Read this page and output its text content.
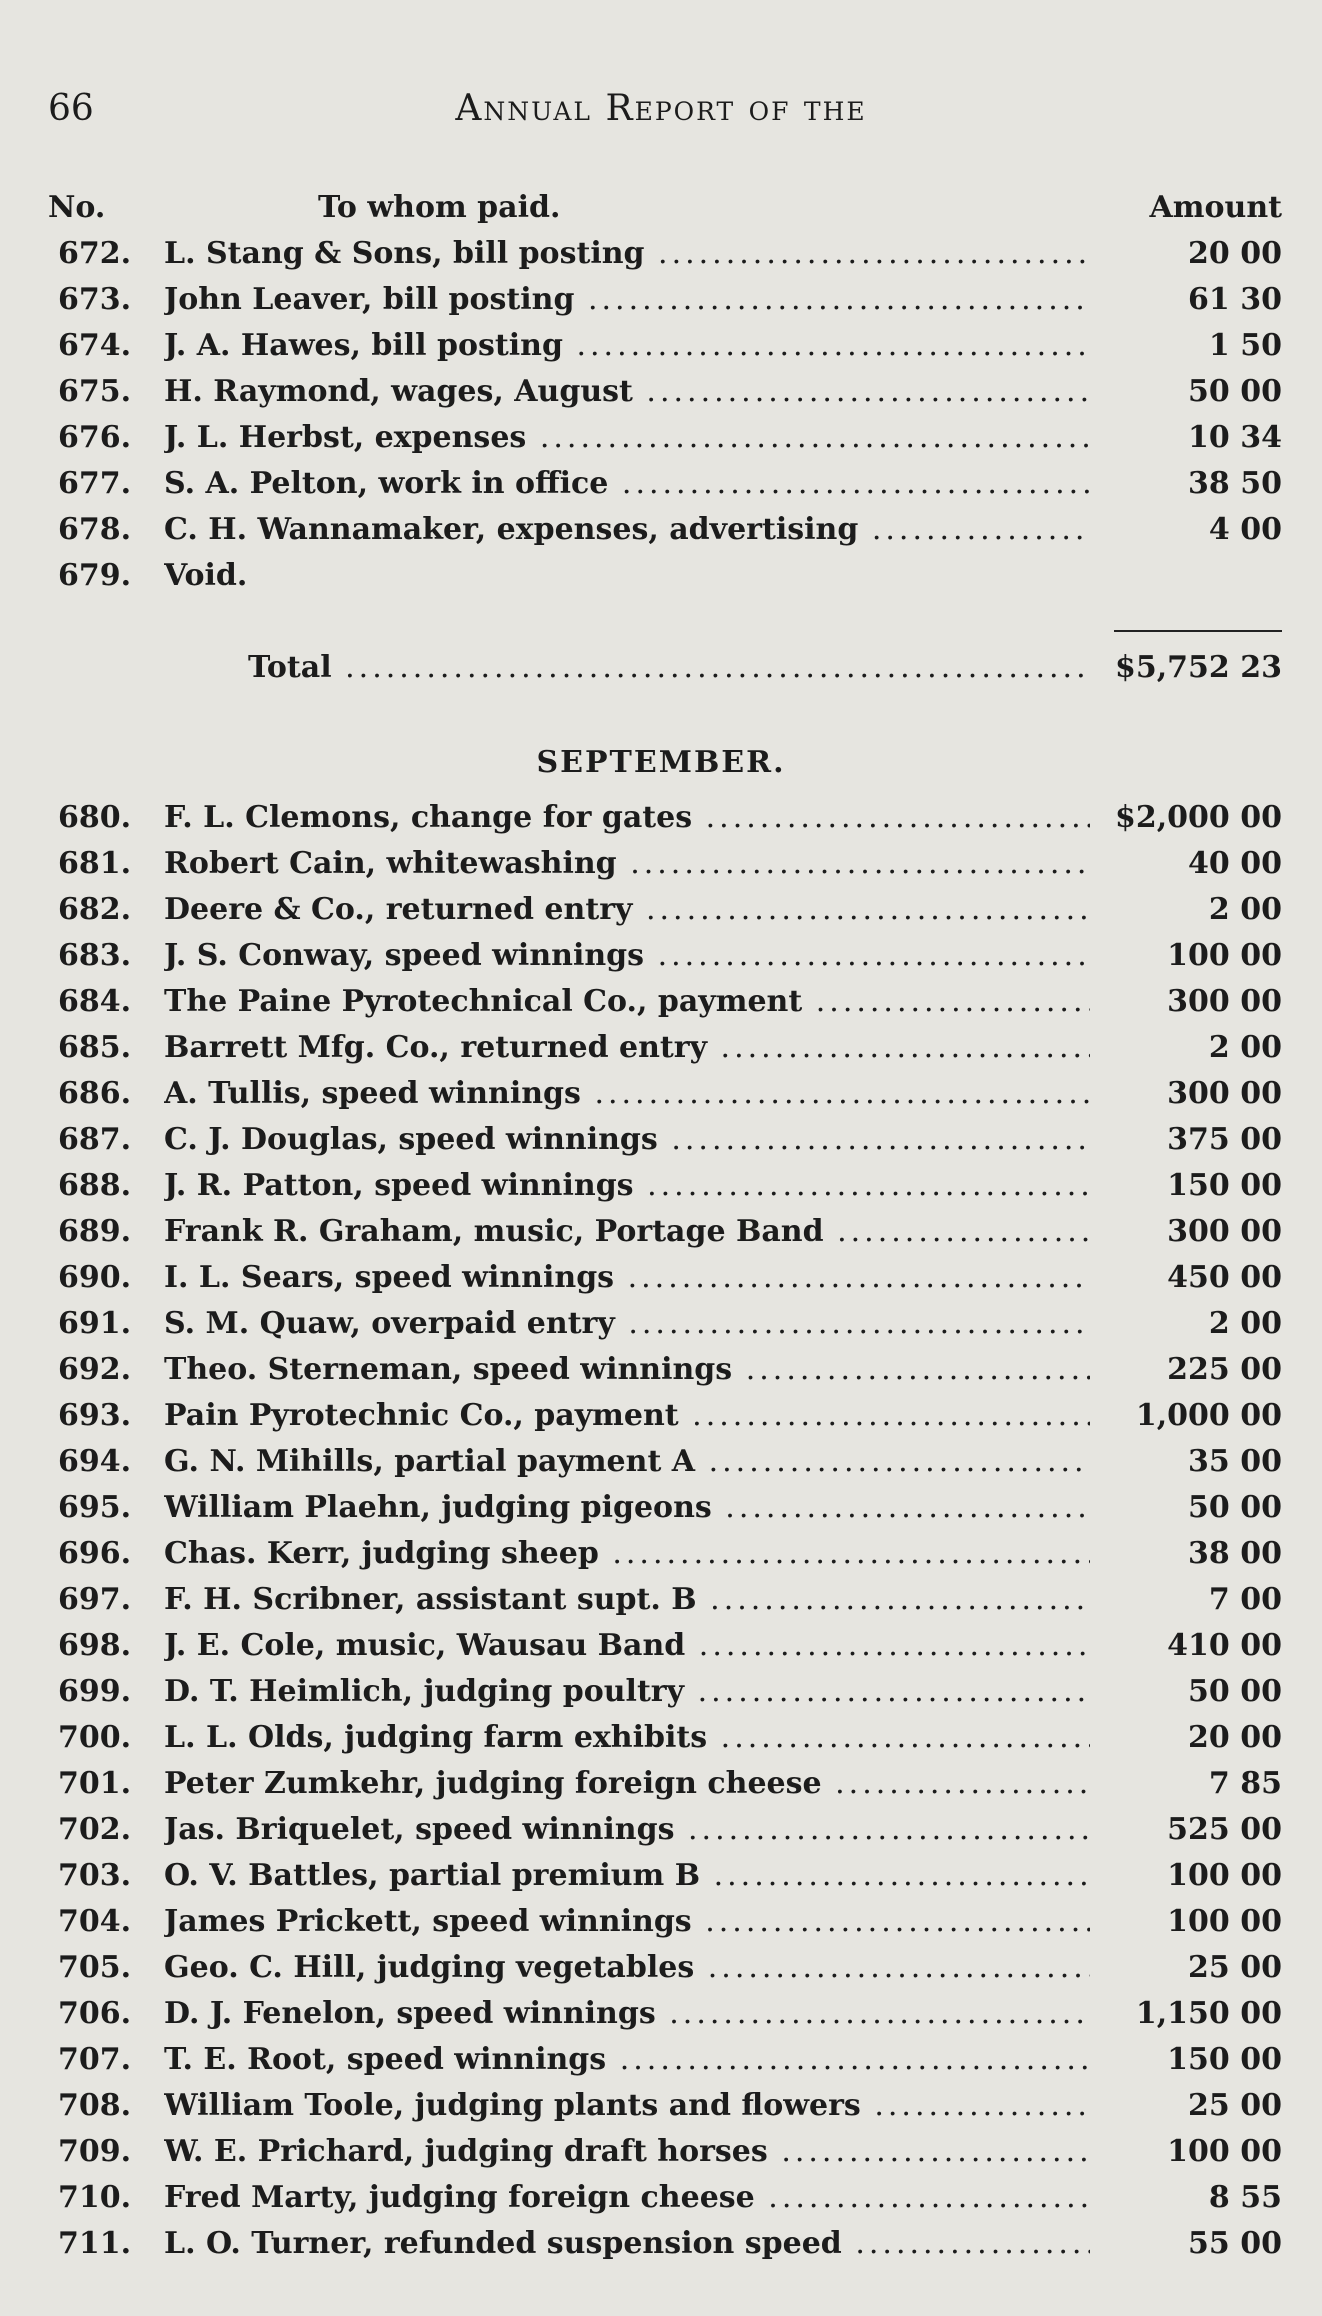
66	Annual Report of the
No.	To whom paid.	Amount
672.	L. Stang & Sons, bill posting .....	20 00
673.	John Leaver, bill posting .....	61 30
674.	J. A. Hawes, bill posting .....	1 50
675.	H. Raymond, wages, August .....	50 00
676.	J. L. Herbst, expenses .....	10 34
677.	S. A. Pelton, work in office .....	38 50
678.	C. H. Wannamaker, expenses, advertising .....	4 00
679.	Void.
Total .....	$5,752 23
SEPTEMBER.
680.	F. L. Clemons, change for gates .....	$2,000 00
681.	Robert Cain, whitewashing .....	40 00
682.	Deere & Co., returned entry .....	2 00
683.	J. S. Conway, speed winnings .....	100 00
684.	The Paine Pyrotechnical Co., payment .....	300 00
685.	Barrett Mfg. Co., returned entry .....	2 00
686.	A. Tullis, speed winnings .....	300 00
687.	C. J. Douglas, speed winnings .....	375 00
688.	J. R. Patton, speed winnings .....	150 00
689.	Frank R. Graham, music, Portage Band .....	300 00
690.	I. L. Sears, speed winnings .....	450 00
691.	S. M. Quaw, overpaid entry .....	2 00
692.	Theo. Sterneman, speed winnings .....	225 00
693.	Pain Pyrotechnic Co., payment .....	1,000 00
694.	G. N. Mihills, partial payment A .....	35 00
695.	William Plaehn, judging pigeons .....	50 00
696.	Chas. Kerr, judging sheep .....	38 00
697.	F. H. Scribner, assistant supt. B .....	7 00
698.	J. E. Cole, music, Wausau Band .....	410 00
699.	D. T. Heimlich, judging poultry .....	50 00
700.	L. L. Olds, judging farm exhibits .....	20 00
701.	Peter Zumkehr, judging foreign cheese .....	7 85
702.	Jas. Briquelet, speed winnings .....	525 00
703.	O. V. Battles, partial premium B .....	100 00
704.	James Prickett, speed winnings .....	100 00
705.	Geo. C. Hill, judging vegetables .....	25 00
706.	D. J. Fenelon, speed winnings .....	1,150 00
707.	T. E. Root, speed winnings .....	150 00
708.	William Toole, judging plants and flowers .....	25 00
709.	W. E. Prichard, judging draft horses .....	100 00
710.	Fred Marty, judging foreign cheese .....	8 55
711.	L. O. Turner, refunded suspension speed .....	55 00
